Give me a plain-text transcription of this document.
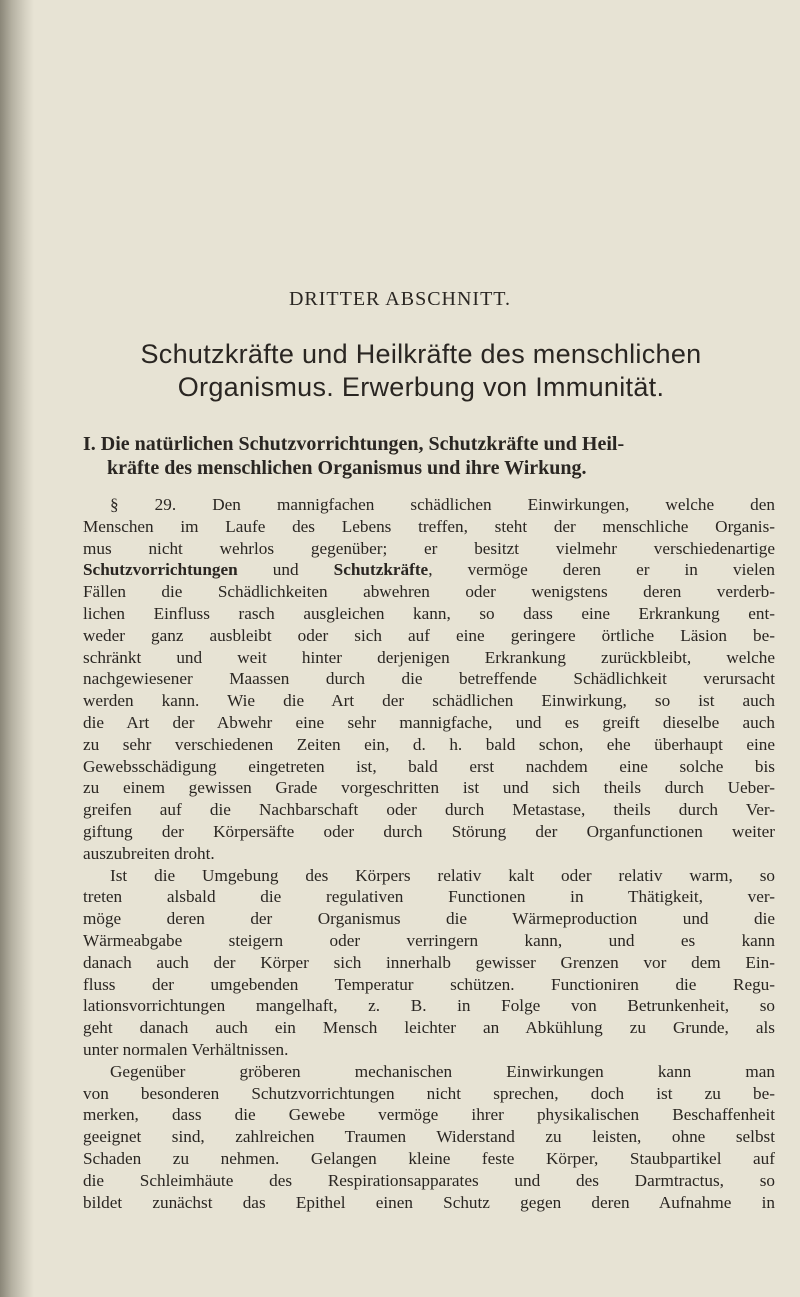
DRITTER ABSCHNITT.
Schutzkräfte und Heilkräfte des menschlichen
Organismus. Erwerbung von Immunität.
I. Die natürlichen Schutzvorrichtungen, Schutzkräfte und Heil-
kräfte des menschlichen Organismus und ihre Wirkung.
§ 29. Den mannigfachen schädlichen Einwirkungen, welche den
Menschen im Laufe des Lebens treffen, steht der menschliche Organis-
mus nicht wehrlos gegenüber; er besitzt vielmehr verschiedenartige
Schutzvorrichtungen und Schutzkräfte, vermöge deren er in vielen
Fällen die Schädlichkeiten abwehren oder wenigstens deren verderb-
lichen Einfluss rasch ausgleichen kann, so dass eine Erkrankung ent-
weder ganz ausbleibt oder sich auf eine geringere örtliche Läsion be-
schränkt und weit hinter derjenigen Erkrankung zurückbleibt, welche
nachgewiesener Maassen durch die betreffende Schädlichkeit verursacht
werden kann. Wie die Art der schädlichen Einwirkung, so ist auch
die Art der Abwehr eine sehr mannigfache, und es greift dieselbe auch
zu sehr verschiedenen Zeiten ein, d. h. bald schon, ehe überhaupt eine
Gewebsschädigung eingetreten ist, bald erst nachdem eine solche bis
zu einem gewissen Grade vorgeschritten ist und sich theils durch Ueber-
greifen auf die Nachbarschaft oder durch Metastase, theils durch Ver-
giftung der Körpersäfte oder durch Störung der Organfunctionen weiter
auszubreiten droht.
Ist die Umgebung des Körpers relativ kalt oder relativ warm, so
treten alsbald die regulativen Functionen in Thätigkeit, ver-
möge deren der Organismus die Wärmeproduction und die
Wärmeabgabe steigern oder verringern kann, und es kann
danach auch der Körper sich innerhalb gewisser Grenzen vor dem Ein-
fluss der umgebenden Temperatur schützen. Functioniren die Regu-
lationsvorrichtungen mangelhaft, z. B. in Folge von Betrunkenheit, so
geht danach auch ein Mensch leichter an Abkühlung zu Grunde, als
unter normalen Verhältnissen.
Gegenüber gröberen mechanischen Einwirkungen kann man
von besonderen Schutzvorrichtungen nicht sprechen, doch ist zu be-
merken, dass die Gewebe vermöge ihrer physikalischen Beschaffenheit
geeignet sind, zahlreichen Traumen Widerstand zu leisten, ohne selbst
Schaden zu nehmen. Gelangen kleine feste Körper, Staubpartikel auf
die Schleimhäute des Respirationsapparates und des Darmtractus, so
bildet zunächst das Epithel einen Schutz gegen deren Aufnahme in
